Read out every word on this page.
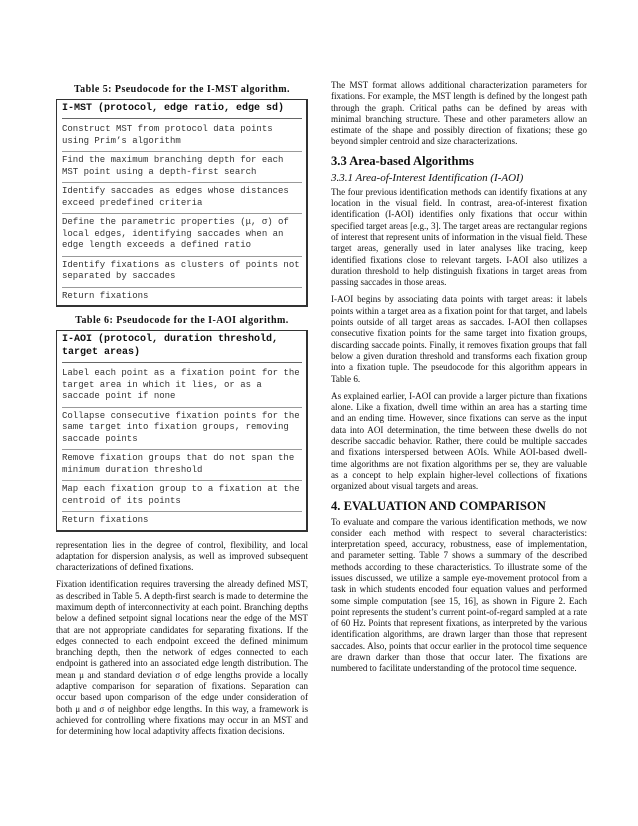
Table 5: Pseudocode for the I-MST algorithm.
I-MST (protocol, edge ratio, edge sd)
Construct MST from protocol data points using Prim’s algorithm
Find the maximum branching depth for each MST point using a depth-first search
Identify saccades as edges whose distances exceed predefined criteria
Define the parametric properties (μ, σ) of local edges, identifying saccades when an edge length exceeds a defined ratio
Identify fixations as clusters of points not separated by saccades
Return fixations
Table 6: Pseudocode for the I-AOI algorithm.
I-AOI (protocol, duration threshold, target areas)
Label each point as a fixation point for the target area in which it lies, or as a saccade point if none
Collapse consecutive fixation points for the same target into fixation groups, removing saccade points
Remove fixation groups that do not span the minimum duration threshold
Map each fixation group to a fixation at the centroid of its points
Return fixations

representation lies in the degree of control, flexibility, and local adaptation for dispersion analysis, as well as improved subsequent characterizations of defined fixations.

Fixation identification requires traversing the already defined MST, as described in Table 5. A depth-first search is made to determine the maximum depth of interconnectivity at each point. Branching depths below a defined setpoint signal locations near the edge of the MST that are not appropriate candidates for separating fixations. If the edges connected to each endpoint exceed the defined minimum branching depth, then the network of edges connected to each endpoint is gathered into an associated edge length distribution. The mean μ and standard deviation σ of edge lengths provide a locally adaptive comparison for separation of fixations. Separation can occur based upon comparison of the edge under consideration of both μ and σ of neighbor edge lengths. In this way, a framework is achieved for controlling where fixations may occur in an MST and for determining how local adaptivity affects fixation decisions.

The MST format allows additional characterization parameters for fixations. For example, the MST length is defined by the longest path through the graph. Critical paths can be defined by areas with minimal branching structure. These and other parameters allow an estimate of the shape and possibly direction of fixations; these go beyond simpler centroid and size characterizations.

3.3 Area-based Algorithms
3.3.1 Area-of-Interest Identification (I-AOI)

The four previous identification methods can identify fixations at any location in the visual field. In contrast, area-of-interest fixation identification (I-AOI) identifies only fixations that occur within specified target areas [e.g., 3]. The target areas are rectangular regions of interest that represent units of information in the visual field. These target areas, generally used in later analyses like tracing, keep identified fixations close to relevant targets. I-AOI also utilizes a duration threshold to help distinguish fixations in target areas from passing saccades in those areas.

I-AOI begins by associating data points with target areas: it labels points within a target area as a fixation point for that target, and labels points outside of all target areas as saccades. I-AOI then collapses consecutive fixation points for the same target into fixation groups, discarding saccade points. Finally, it removes fixation groups that fall below a given duration threshold and transforms each fixation group into a fixation tuple. The pseudocode for this algorithm appears in Table 6.

As explained earlier, I-AOI can provide a larger picture than fixations alone. Like a fixation, dwell time within an area has a starting time and an ending time. However, since fixations can serve as the input data into AOI determination, the time between these dwells do not describe saccadic behavior. Rather, there could be multiple saccades and fixations interspersed between AOIs. While AOI-based dwell-time algorithms are not fixation algorithms per se, they are valuable as a concept to help explain higher-level collections of fixations organized about visual targets and areas.

4. EVALUATION AND COMPARISON

To evaluate and compare the various identification methods, we now consider each method with respect to several characteristics: interpretation speed, accuracy, robustness, ease of implementation, and parameter setting. Table 7 shows a summary of the described methods according to these characteristics. To illustrate some of the issues discussed, we utilize a sample eye-movement protocol from a task in which students encoded four equation values and performed some simple computation [see 15, 16], as shown in Figure 2. Each point represents the student’s current point-of-regard sampled at a rate of 60 Hz. Points that represent fixations, as interpreted by the various identification algorithms, are drawn larger than those that represent saccades. Also, points that occur earlier in the protocol time sequence are drawn darker than those that occur later. The fixations are numbered to facilitate understanding of the protocol time sequence.
